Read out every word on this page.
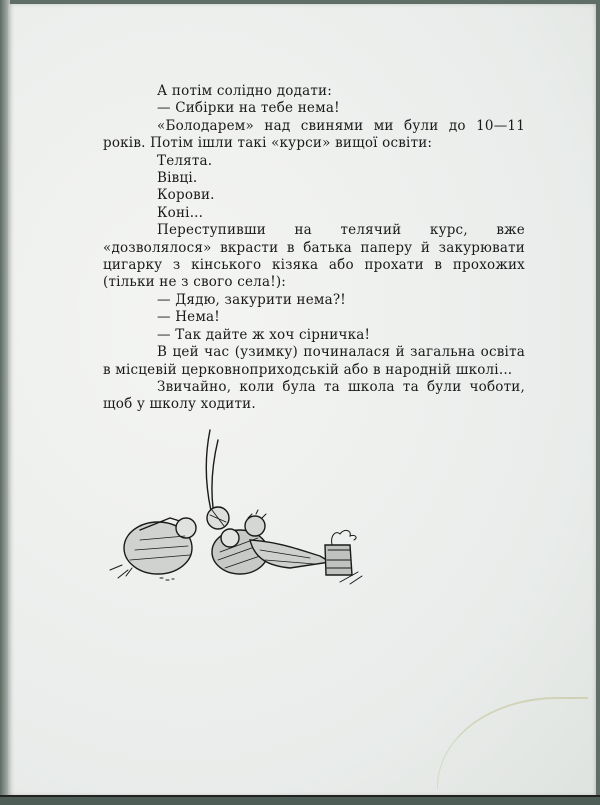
А потім солідно додати:

— Сибірки на тебе нема!

«Болодарем» над свинями ми були до 10—11 років. Потім ішли такі «курси» вищої освіти:

Телята.

Вівці.

Корови.

Коні...

Переступивши на телячий курс, вже «дозволялося» вкрасти в батька паперу й закурювати цигарку з кінського кізяка або прохати в прохожих (тільки не з свого села!):

— Дядю, закурити нема?!

— Нема!

— Так дайте ж хоч сірничка!

В цей час (узимку) починалася й загальна освіта в місцевій церковноприходській або в народній школі...

Звичайно, коли була та школа та були чоботи, щоб у школу ходити.
